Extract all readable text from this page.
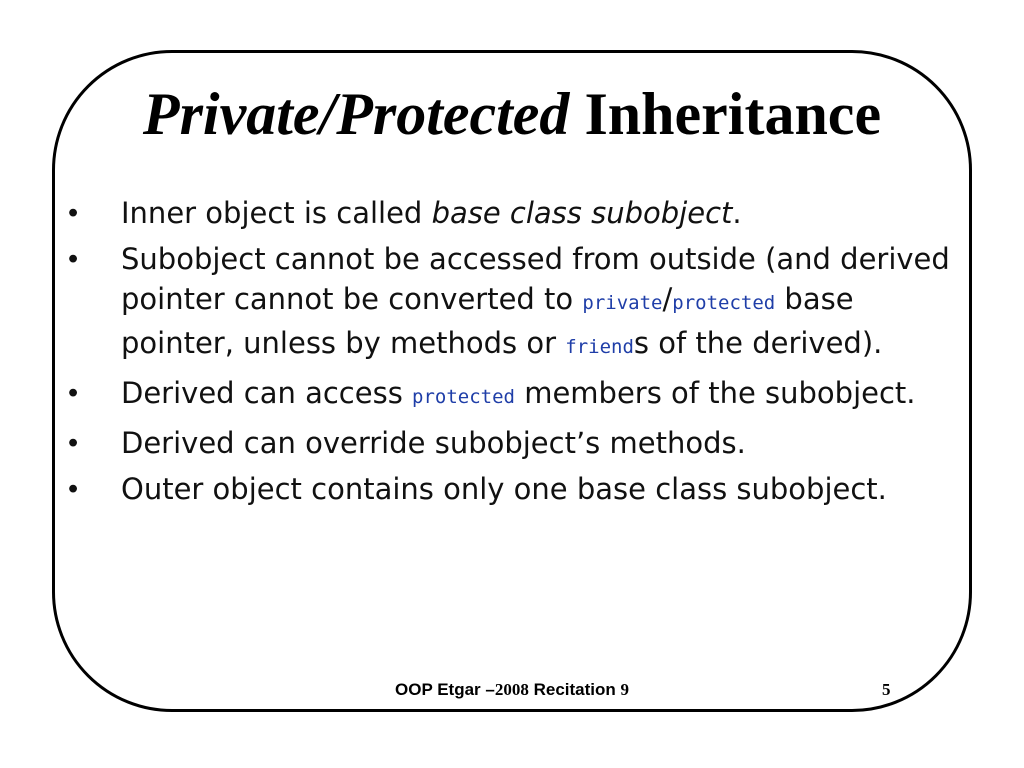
Private/Protected Inheritance
•	Inner object is called base class subobject.
•	Subobject cannot be accessed from outside (and derived pointer cannot be converted to private/protected base pointer, unless by methods or friends of the derived).
•	Derived can access protected members of the subobject.
•	Derived can override subobject’s methods.
•	Outer object contains only one base class subobject.
OOP Etgar –2008 Recitation 9	5
